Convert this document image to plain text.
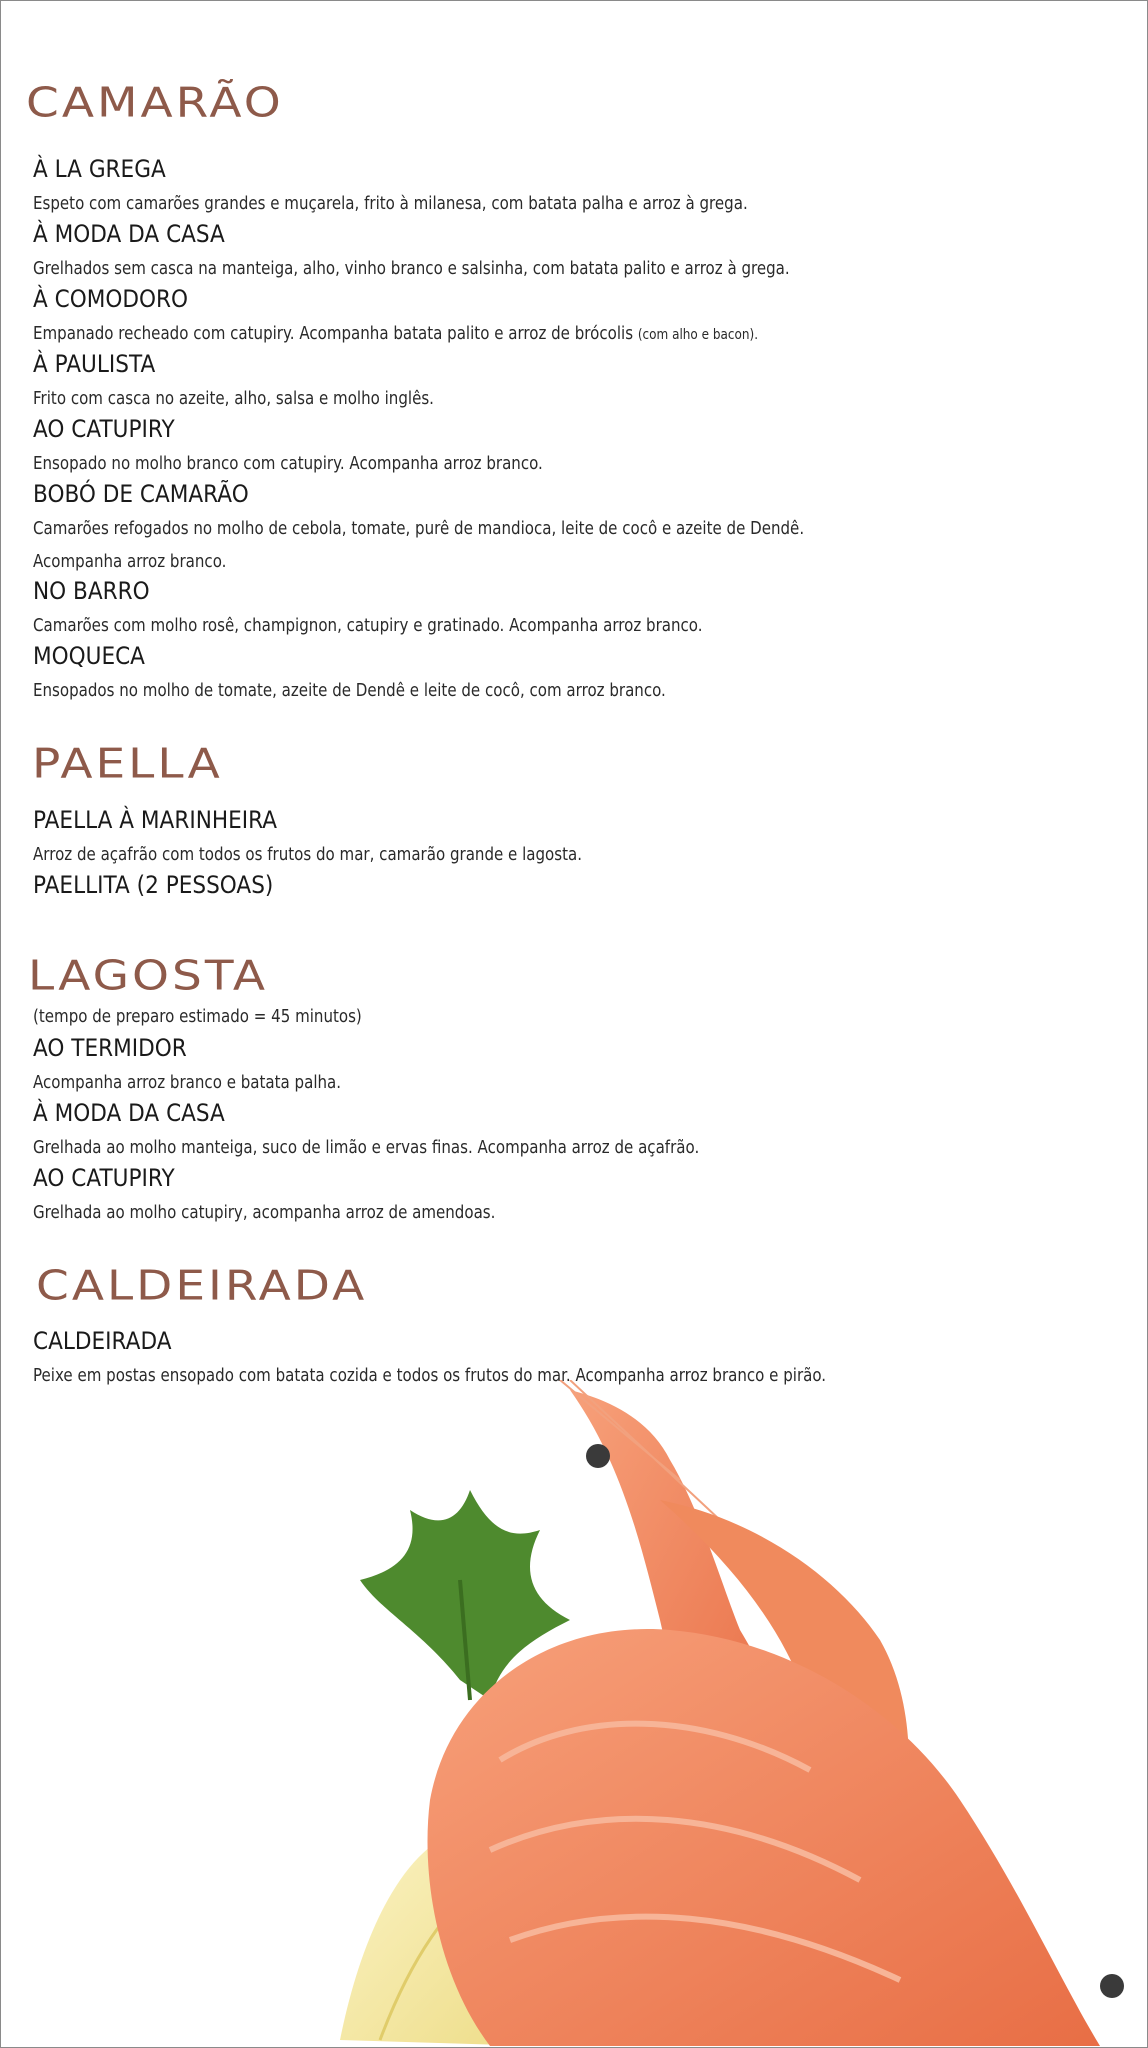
CAMARÃO
À LA GREGA

Espeto com camarões grandes e muçarela, frito à milanesa, com batata palha e arroz à grega.

À MODA DA CASA

Grelhados sem casca na manteiga, alho, vinho branco e salsinha, com batata palito e arroz à grega.

À COMODORO

Empanado recheado com catupiry. Acompanha batata palito e arroz de brócolis (com alho e bacon).

À PAULISTA

Frito com casca no azeite, alho, salsa e molho inglês.

AO CATUPIRY

Ensopado no molho branco com catupiry. Acompanha arroz branco.

BOBÓ DE CAMARÃO

Camarões refogados no molho de cebola, tomate, purê de mandioca, leite de cocô e azeite de Dendê.

Acompanha arroz branco.

NO BARRO

Camarões com molho rosê, champignon, catupiry e gratinado. Acompanha arroz branco.

MOQUECA

Ensopados no molho de tomate, azeite de Dendê e leite de cocô, com arroz branco.

PAELLA
PAELLA À MARINHEIRA

Arroz de açafrão com todos os frutos do mar, camarão grande e lagosta.

PAELLITA (2 PESSOAS)
LAGOSTA

(tempo de preparo estimado = 45 minutos)

AO TERMIDOR

Acompanha arroz branco e batata palha.

À MODA DA CASA

Grelhada ao molho manteiga, suco de limão e ervas finas. Acompanha arroz de açafrão.

AO CATUPIRY

Grelhada ao molho catupiry, acompanha arroz de amendoas.

CALDEIRADA
CALDEIRADA

Peixe em postas ensopado com batata cozida e todos os frutos do mar. Acompanha arroz branco e pirão.
